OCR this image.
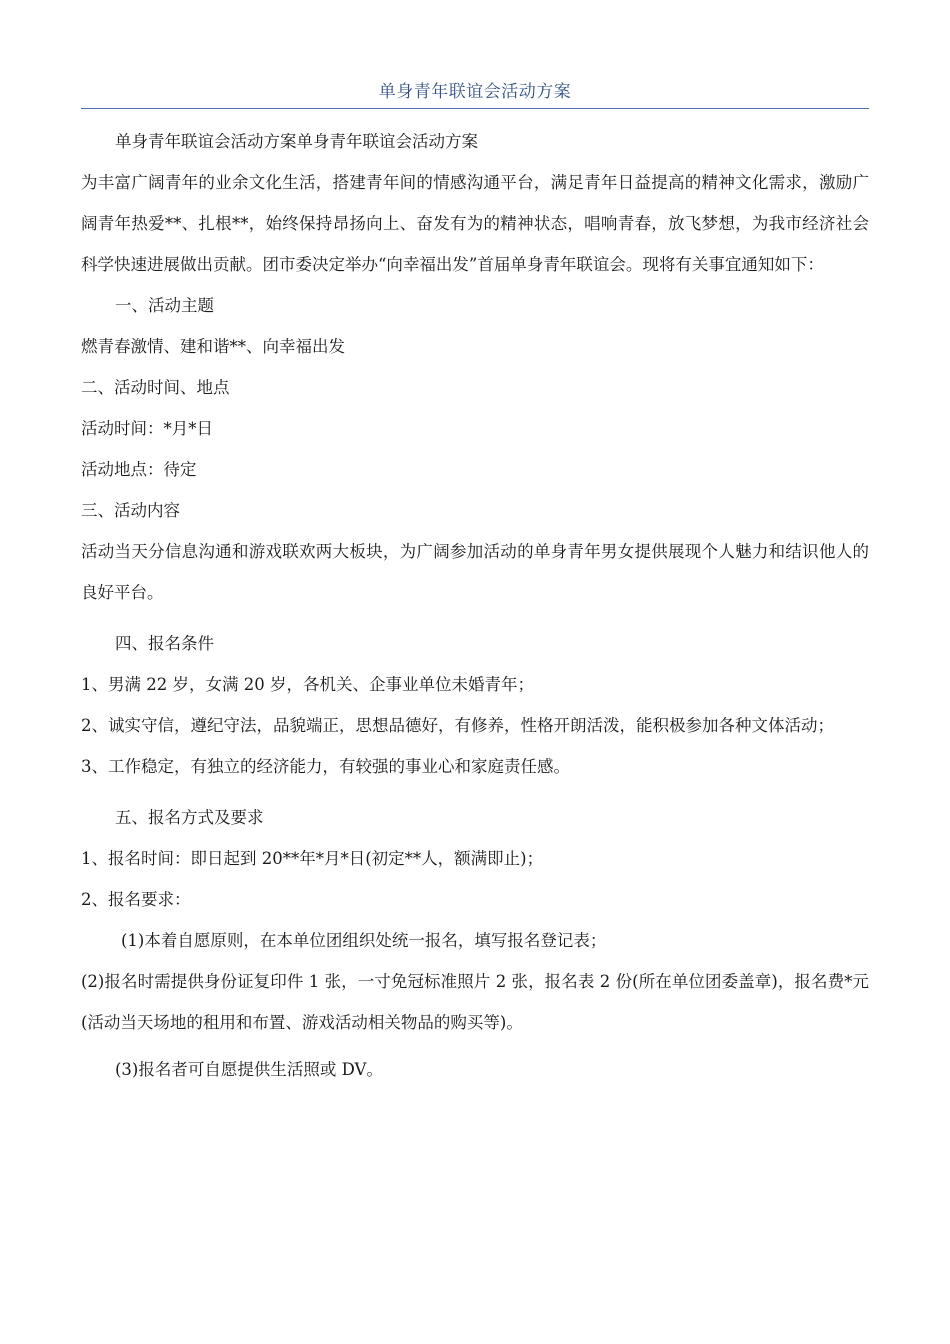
单身青年联谊会活动方案

单身青年联谊会活动方案单身青年联谊会活动方案

为丰富广阔青年的业余文化生活，搭建青年间的情感沟通平台，满足青年日益提高的精神文化需求，激励广阔青年热爱**、扎根**，始终保持昂扬向上、奋发有为的精神状态，唱响青春，放飞梦想，为我市经济社会科学快速进展做出贡献。团市委决定举办“向幸福出发”首届单身青年联谊会。现将有关事宜通知如下：

一、活动主题

燃青春激情、建和谐**、向幸福出发

二、活动时间、地点

活动时间：*月*日

活动地点：待定

三、活动内容

活动当天分信息沟通和游戏联欢两大板块，为广阔参加活动的单身青年男女提供展现个人魅力和结识他人的良好平台。

四、报名条件

1、男满 22 岁，女满 20 岁，各机关、企事业单位未婚青年；

2、诚实守信，遵纪守法，品貌端正，思想品德好，有修养，性格开朗活泼，能积极参加各种文体活动；

3、工作稳定，有独立的经济能力，有较强的事业心和家庭责任感。

五、报名方式及要求

1、报名时间：即日起到 20**年*月*日(初定**人，额满即止)；

2、报名要求：

(1)本着自愿原则，在本单位团组织处统一报名，填写报名登记表；

(2)报名时需提供身份证复印件 1 张，一寸免冠标准照片 2 张，报名表 2 份(所在单位团委盖章)，报名费*元(活动当天场地的租用和布置、游戏活动相关物品的购买等)。

(3)报名者可自愿提供生活照或 DV。
